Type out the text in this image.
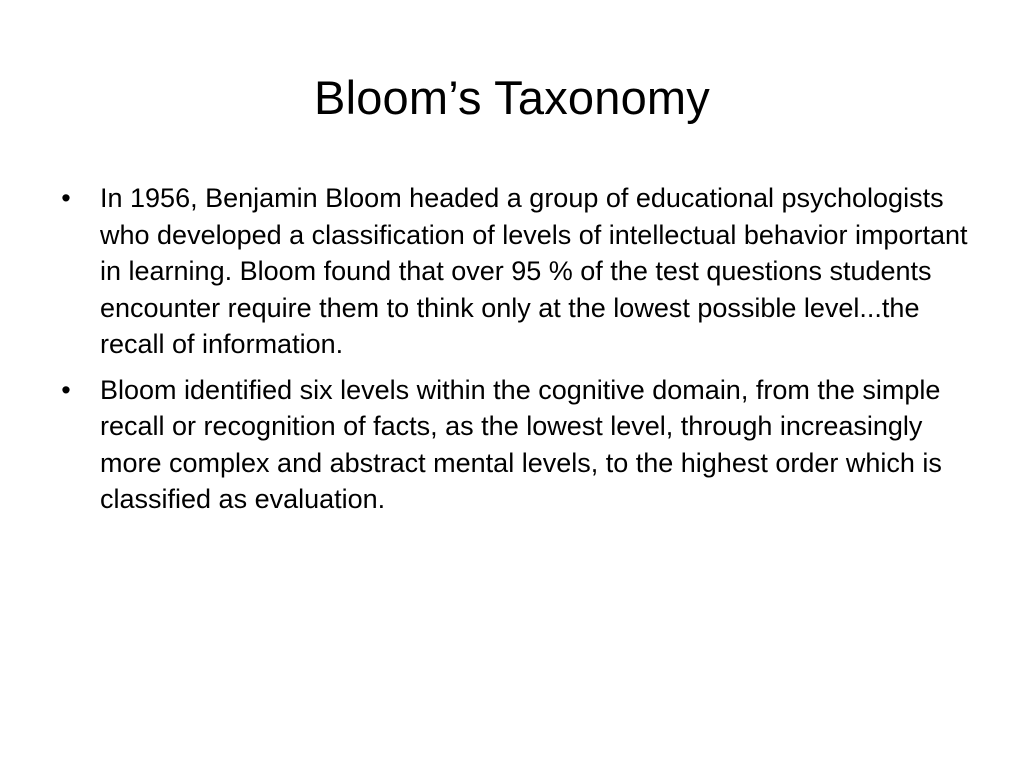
Bloom’s Taxonomy
• In 1956, Benjamin Bloom headed a group of educational psychologists who developed a classification of levels of intellectual behavior important in learning. Bloom found that over 95 % of the test questions students encounter require them to think only at the lowest possible level...the recall of information.
• Bloom identified six levels within the cognitive domain, from the simple recall or recognition of facts, as the lowest level, through increasingly more complex and abstract mental levels, to the highest order which is classified as evaluation.
